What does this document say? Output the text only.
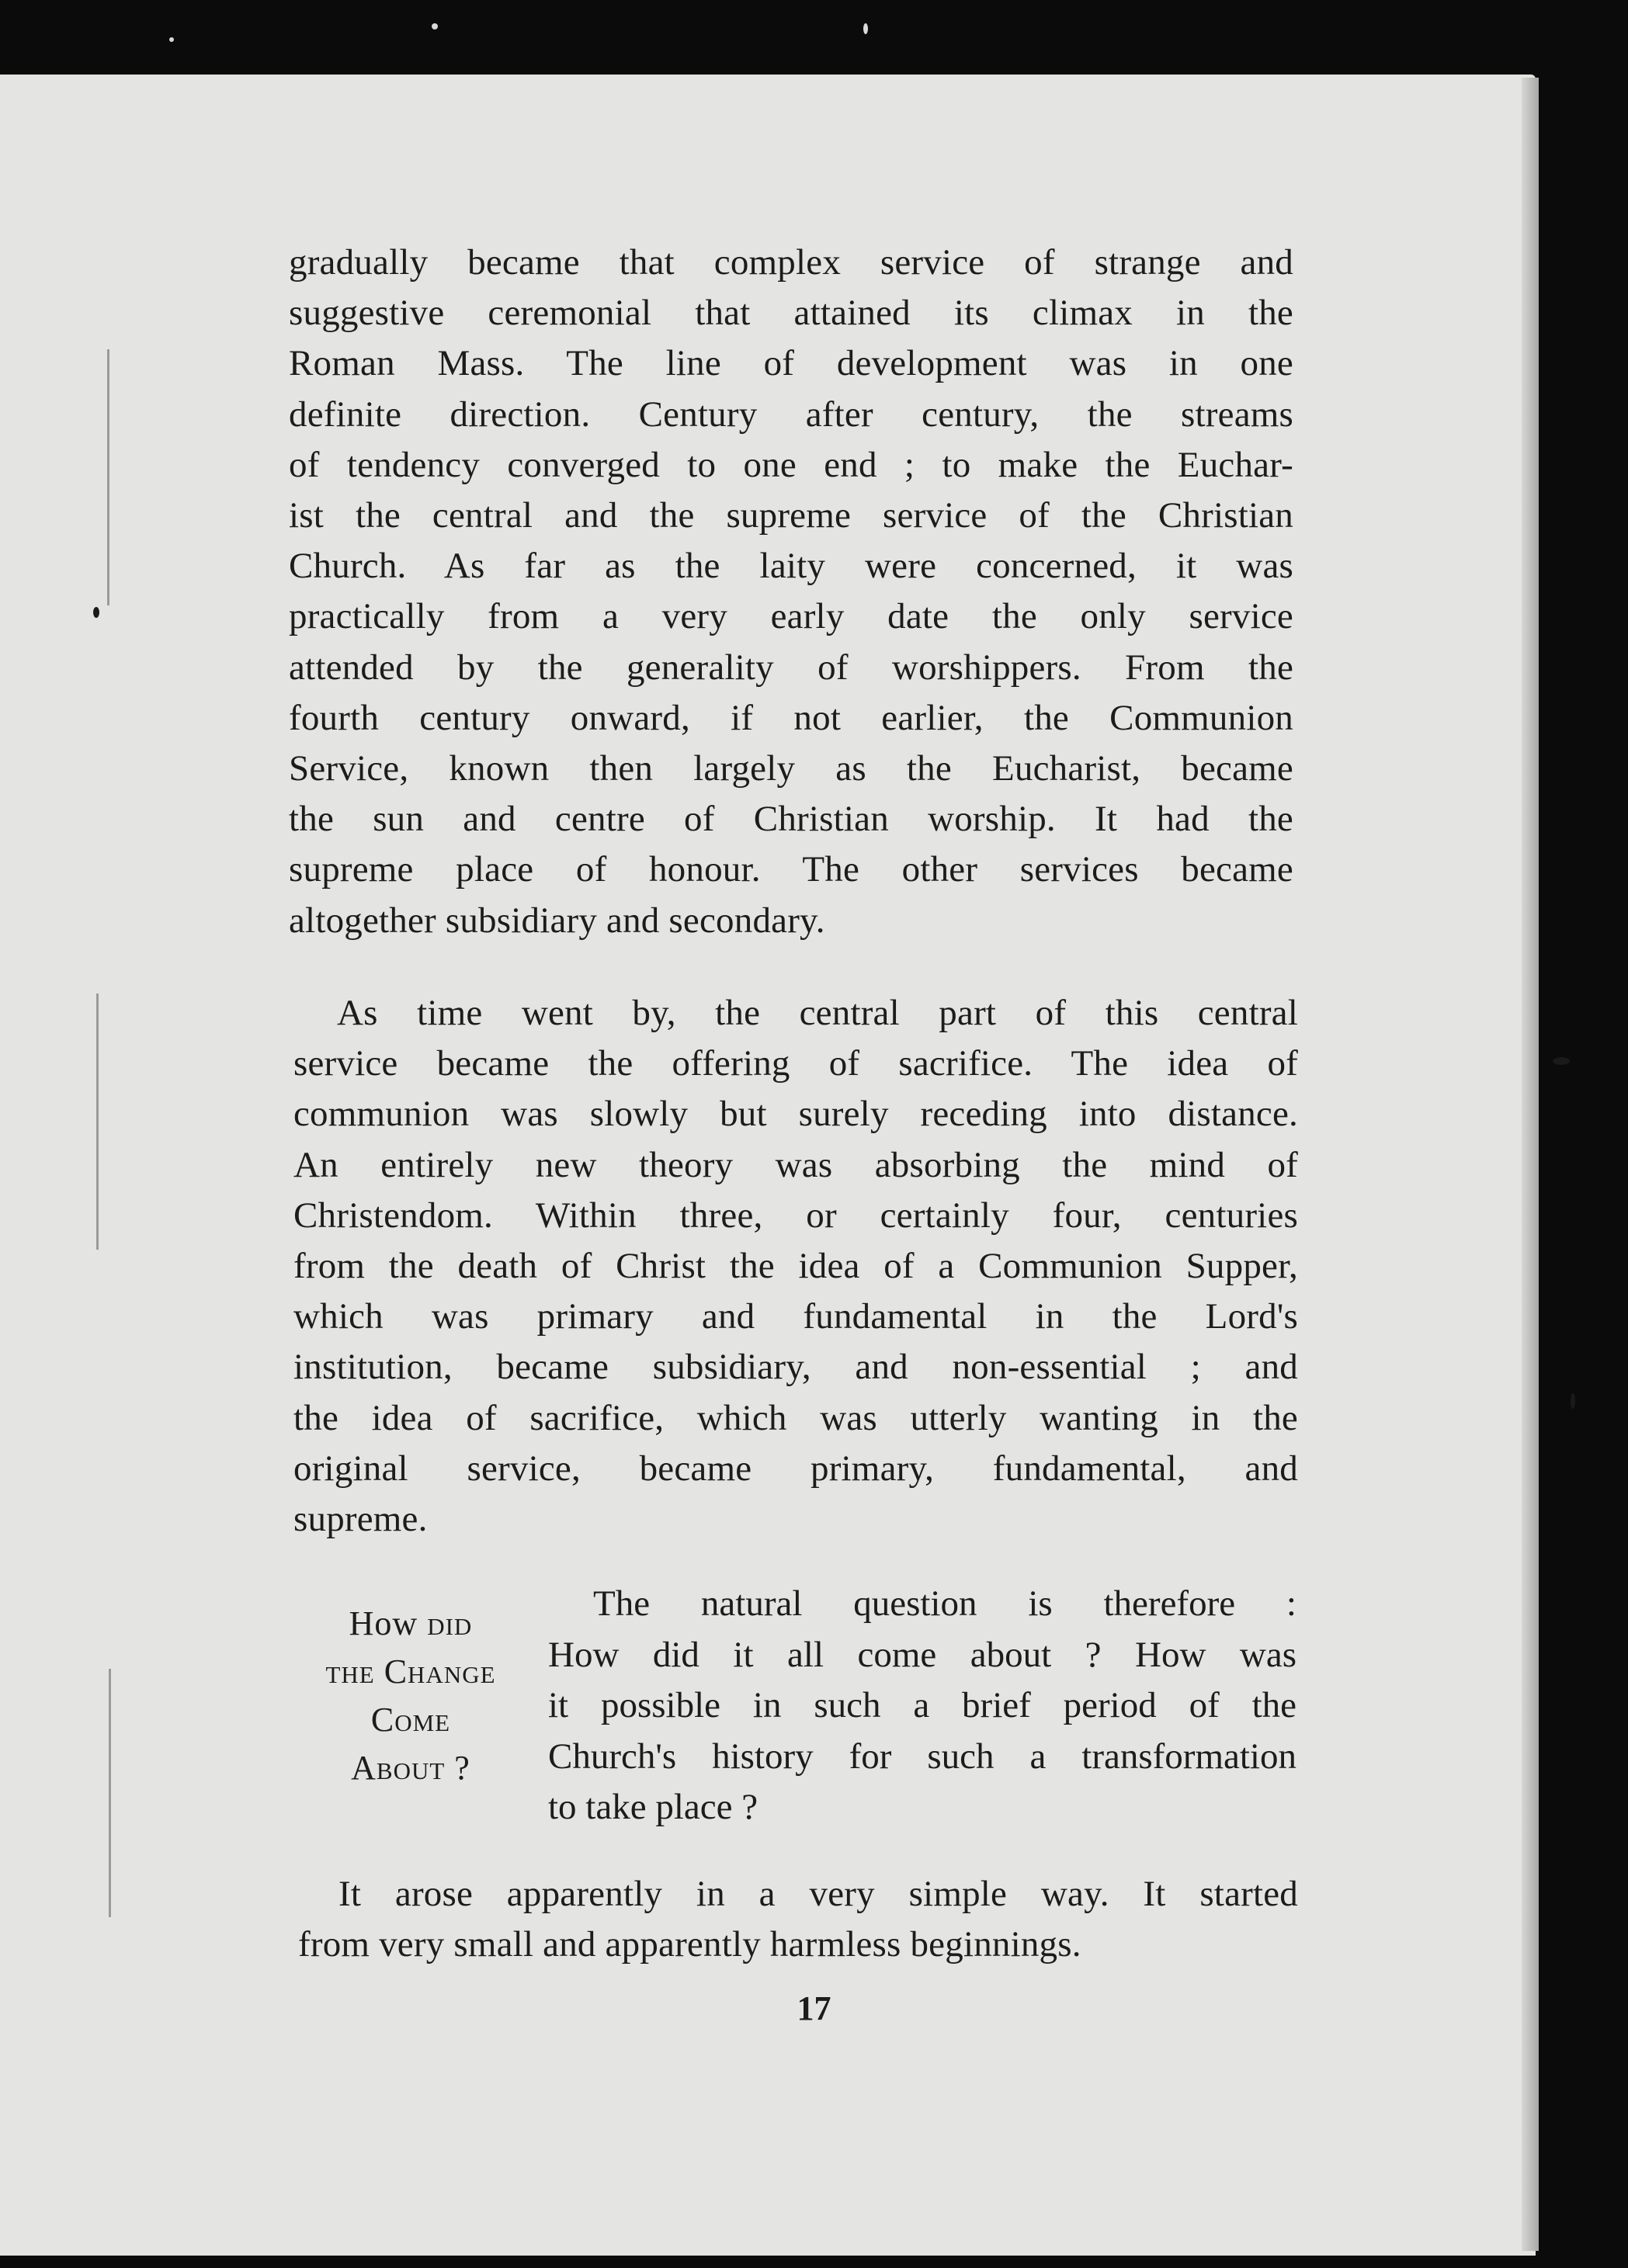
gradually became that complex service of strange and
suggestive ceremonial that attained its climax in the
Roman Mass. The line of development was in one
definite direction. Century after century, the streams
of tendency converged to one end ; to make the Euchar-
ist the central and the supreme service of the Christian
Church. As far as the laity were concerned, it was
practically from a very early date the only service
attended by the generality of worshippers. From the
fourth century onward, if not earlier, the Communion
Service, known then largely as the Eucharist, became
the sun and centre of Christian worship. It had the
supreme place of honour. The other services became
altogether subsidiary and secondary.
As time went by, the central part of this central
service became the offering of sacrifice. The idea of
communion was slowly but surely receding into distance.
An entirely new theory was absorbing the mind of
Christendom. Within three, or certainly four, centuries
from the death of Christ the idea of a Communion Supper,
which was primary and fundamental in the Lord's
institution, became subsidiary, and non-essential ; and
the idea of sacrifice, which was utterly wanting in the
original service, became primary, fundamental, and
supreme.
How did
the Change
Come
About ?
The natural question is therefore :
How did it all come about ? How was
it possible in such a brief period of the
Church's history for such a transformation
to take place ?
It arose apparently in a very simple way. It started
from very small and apparently harmless beginnings.
17
